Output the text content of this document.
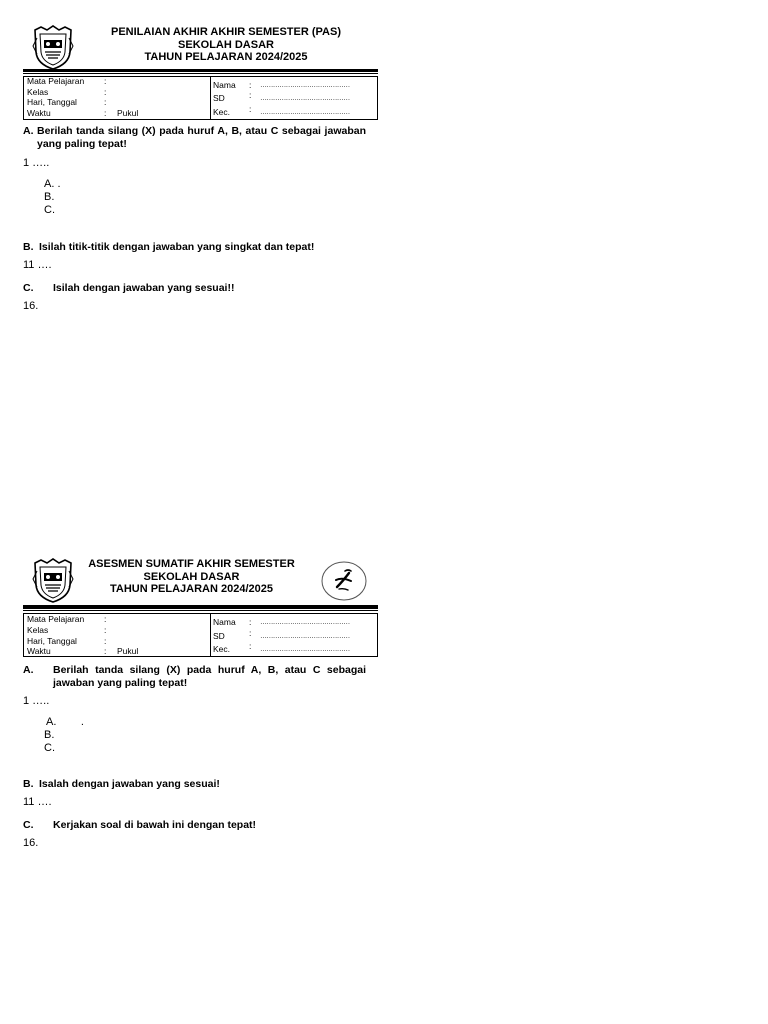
PENILAIAN AKHIR AKHIR SEMESTER (PAS)
SEKOLAH DASAR
TAHUN PELAJARAN 2024/2025
Mata Pelajaran :
Kelas	:
Hari, Tanggal	:
Waktu	: Pukul
Nama : ……………………………………
SD	: ……………………………………
Kec. : ……………………………………
A. Berilah tanda silang (X) pada huruf A, B, atau C sebagai jawaban yang paling tepat!
1 …..
A. .
B.
C.
B. Isilah titik-titik dengan jawaban yang singkat dan tepat!
11 ….
C. Isilah dengan jawaban yang sesuai!!
16.
ASESMEN SUMATIF AKHIR SEMESTER
SEKOLAH DASAR
TAHUN PELAJARAN 2024/2025
Mata Pelajaran :
Kelas	:
Hari, Tanggal	:
Waktu	: Pukul
Nama : ……………………………………
SD	: ……………………………………
Kec. : ……………………………………
A. Berilah tanda silang (X) pada huruf A, B, atau C sebagai jawaban yang paling tepat!
1 …..
A.        .
B.
C.
B. Isalah dengan jawaban yang sesuai!
11 ….
C. Kerjakan soal di bawah ini dengan tepat!
16.
